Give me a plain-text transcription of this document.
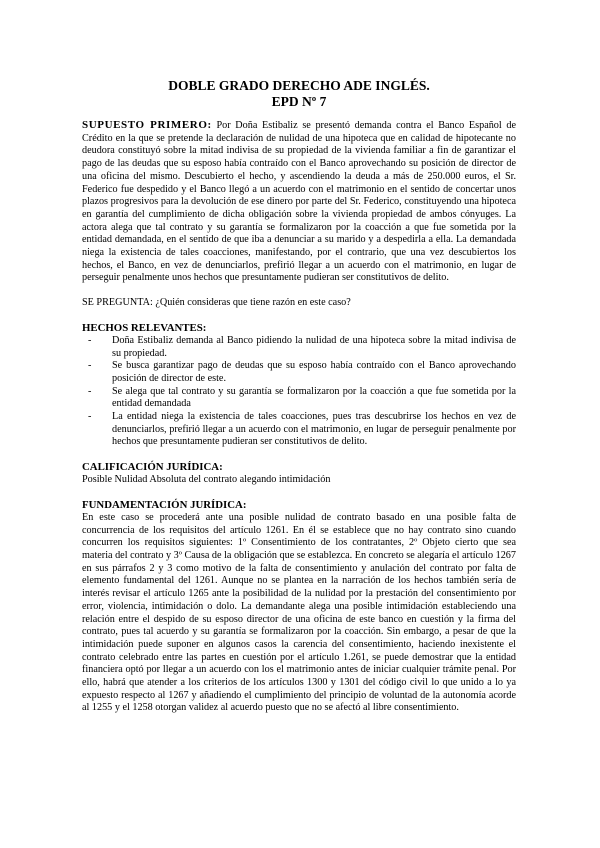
DOBLE GRADO DERECHO ADE INGLÉS.
EPD Nº 7

SUPUESTO PRIMERO: Por Doña Estibaliz se presentó demanda contra el Banco Español de Crédito en la que se pretende la declaración de nulidad de una hipoteca que en calidad de hipotecante no deudora constituyó sobre la mitad indivisa de su propiedad de la vivienda familiar a fin de garantizar el pago de las deudas que su esposo había contraído con el Banco aprovechando su posición de director de una oficina del mismo. Descubierto el hecho, y ascendiendo la deuda a más de 250.000 euros, el Sr. Federico fue despedido y el Banco llegó a un acuerdo con el matrimonio en el sentido de concertar unos plazos progresivos para la devolución de ese dinero por parte del Sr. Federico, constituyendo una hipoteca en garantía del cumplimiento de dicha obligación sobre la vivienda propiedad de ambos cónyuges. La actora alega que tal contrato y su garantía se formalizaron por la coacción a que fue sometida por la entidad demandada, en el sentido de que iba a denunciar a su marido y a despedirla a ella. La demandada niega la existencia de tales coacciones, manifestando, por el contrario, que una vez descubiertos los hechos, el Banco, en vez de denunciarlos, prefirió llegar a un acuerdo con el matrimonio, en lugar de perseguir penalmente unos hechos que presuntamente pudieran ser constitutivos de delito.

SE PREGUNTA: ¿Quién consideras que tiene razón en este caso?

HECHOS RELEVANTES:

- Doña Estibaliz demanda al Banco pidiendo la nulidad de una hipoteca sobre la mitad indivisa de su propiedad.
- Se busca garantizar pago de deudas que su esposo había contraído con el Banco aprovechando posición de director de este.
- Se alega que tal contrato y su garantía se formalizaron por la coacción a que fue sometida por la entidad demandada
- La entidad niega la existencia de tales coacciones, pues tras descubrirse los hechos en vez de denunciarlos, prefirió llegar a un acuerdo con el matrimonio, en lugar de perseguir penalmente por hechos que presuntamente pudieran ser constitutivos de delito.

CALIFICACIÓN JURÍDICA:

Posible Nulidad Absoluta del contrato alegando intimidación

FUNDAMENTACIÓN JURÍDICA:

En este caso se procederá ante una posible nulidad de contrato basado en una posible falta de concurrencia de los requisitos del artículo 1261. En él se establece que no hay contrato sino cuando concurren los requisitos siguientes: 1º Consentimiento de los contratantes, 2º Objeto cierto que sea materia del contrato y 3º Causa de la obligación que se establezca. En concreto se alegaría el artículo 1267 en sus párrafos 2 y 3 como motivo de la falta de consentimiento y anulación del contrato por falta de elemento fundamental del 1261. Aunque no se plantea en la narración de los hechos también sería de interés revisar el artículo 1265 ante la posibilidad de la nulidad por la prestación del consentimiento por error, violencia, intimidación o dolo. La demandante alega una posible intimidación estableciendo una relación entre el despido de su esposo director de una oficina de este banco en cuestión y la firma del contrato, pues tal acuerdo y su garantía se formalizaron por la coacción. Sin embargo, a pesar de que la intimidación puede suponer en algunos casos la carencia del consentimiento, haciendo inexistente el contrato celebrado entre las partes en cuestión por el artículo 1.261, se puede demostrar que la entidad financiera optó por llegar a un acuerdo con los el matrimonio antes de iniciar cualquier trámite penal. Por ello, habrá que atender a los criterios de los artículos 1300 y 1301 del código civil lo que unido a lo ya expuesto respecto al 1267 y añadiendo el cumplimiento del principio de voluntad de la autonomía acorde al 1255 y el 1258 otorgan validez al acuerdo puesto que no se afectó al libre consentimiento.
